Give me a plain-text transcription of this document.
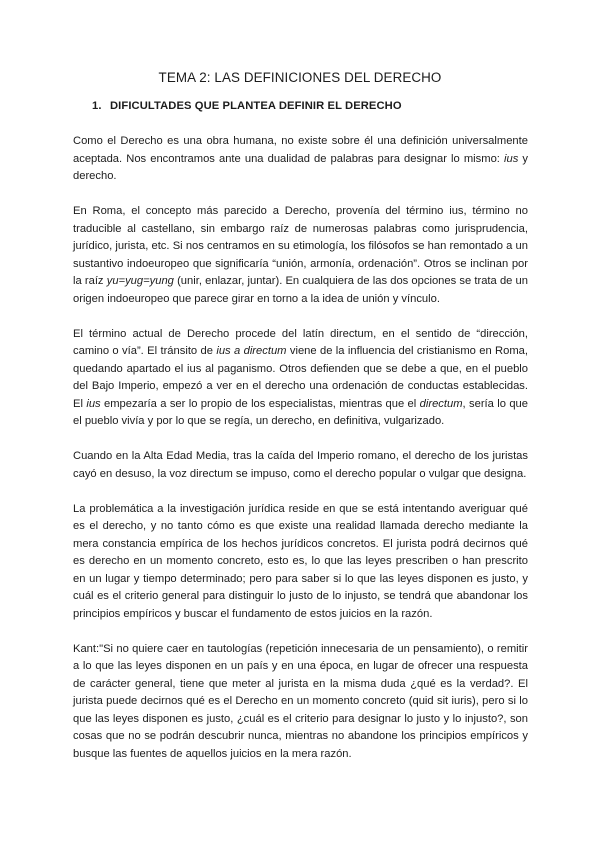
TEMA 2: LAS DEFINICIONES DEL DERECHO
1. DIFICULTADES QUE PLANTEA DEFINIR EL DERECHO

Como el Derecho es una obra humana, no existe sobre él una definición universalmente aceptada. Nos encontramos ante una dualidad de palabras para designar lo mismo: ius y derecho.

En Roma, el concepto más parecido a Derecho, provenía del término ius, término no traducible al castellano, sin embargo raíz de numerosas palabras como jurisprudencia, jurídico, jurista, etc. Si nos centramos en su etimología, los filósofos se han remontado a un sustantivo indoeuropeo que significaría “unión, armonía, ordenación”. Otros se inclinan por la raíz yu=yug=yung (unir, enlazar, juntar). En cualquiera de las dos opciones se trata de un origen indoeuropeo que parece girar en torno a la idea de unión y vínculo.

El término actual de Derecho procede del latín directum, en el sentido de “dirección, camino o vía”. El tránsito de ius a directum viene de la influencia del cristianismo en Roma, quedando apartado el ius al paganismo. Otros defienden que se debe a que, en el pueblo del Bajo Imperio, empezó a ver en el derecho una ordenación de conductas establecidas. El ius empezaría a ser lo propio de los especialistas, mientras que el directum, sería lo que el pueblo vivía y por lo que se regía, un derecho, en definitiva, vulgarizado.

Cuando en la Alta Edad Media, tras la caída del Imperio romano, el derecho de los juristas cayó en desuso, la voz directum se impuso, como el derecho popular o vulgar que designa.

La problemática a la investigación jurídica reside en que se está intentando averiguar qué es el derecho, y no tanto cómo es que existe una realidad llamada derecho mediante la mera constancia empírica de los hechos jurídicos concretos. El jurista podrá decirnos qué es derecho en un momento concreto, esto es, lo que las leyes prescriben o han prescrito en un lugar y tiempo determinado; pero para saber si lo que las leyes disponen es justo, y cuál es el criterio general para distinguir lo justo de lo injusto, se tendrá que abandonar los principios empíricos y buscar el fundamento de estos juicios en la razón.

Kant:"Si no quiere caer en tautologías (repetición innecesaria de un pensamiento), o remitir a lo que las leyes disponen en un país y en una época, en lugar de ofrecer una respuesta de carácter general, tiene que meter al jurista en la misma duda ¿qué es la verdad?. El jurista puede decirnos qué es el Derecho en un momento concreto (quid sit iuris), pero si lo que las leyes disponen es justo, ¿cuál es el criterio para designar lo justo y lo injusto?, son cosas que no se podrán descubrir nunca, mientras no abandone los principios empíricos y busque las fuentes de aquellos juicios en la mera razón.
